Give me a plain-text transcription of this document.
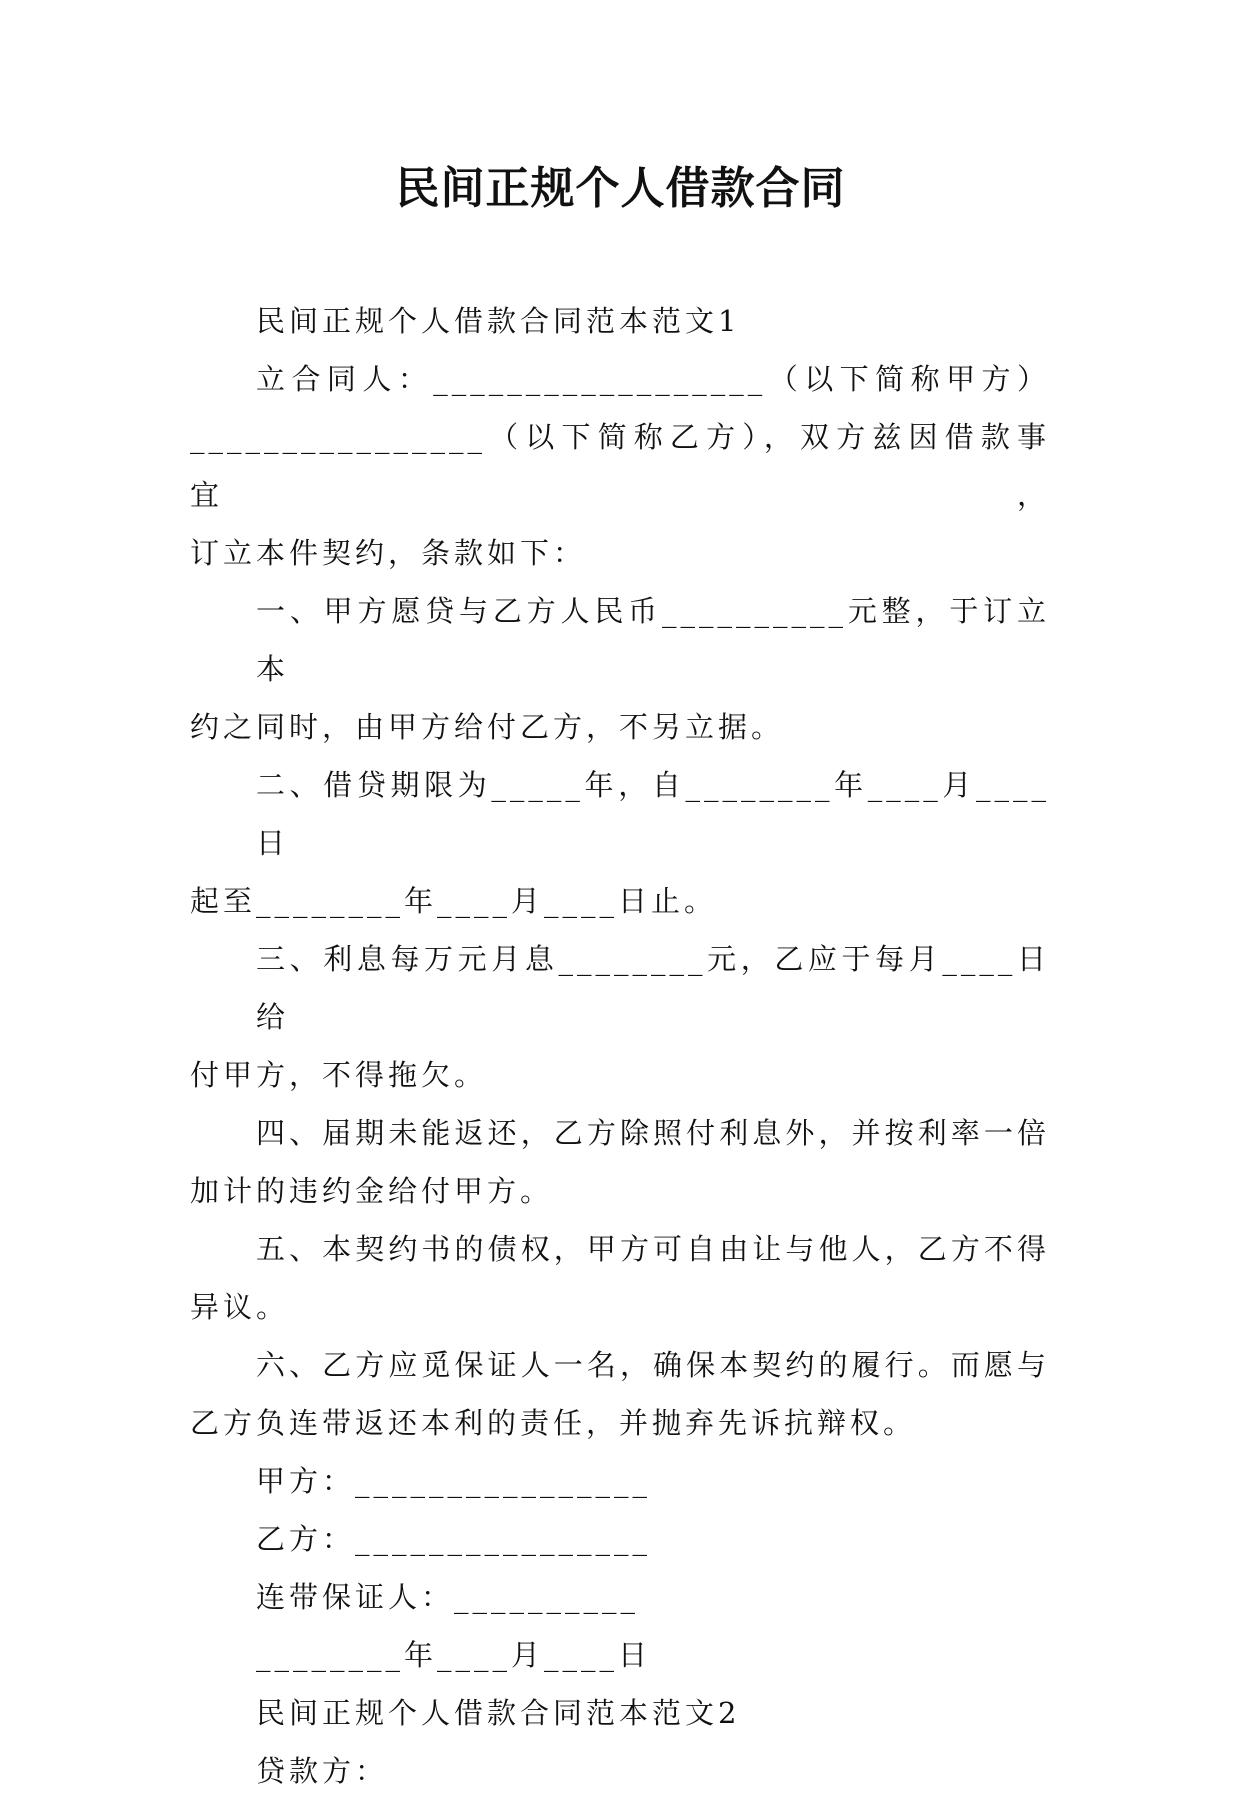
民间正规个人借款合同

民间正规个人借款合同范本范文1

立合同人：__________________（以下简称甲方）

________________（以下简称乙方），双方兹因借款事宜，

订立本件契约，条款如下：

一、甲方愿贷与乙方人民币__________元整，于订立本

约之同时，由甲方给付乙方，不另立据。

二、借贷期限为_____年，自________年____月____日

起至________年____月____日止。

三、利息每万元月息________元，乙应于每月____日给

付甲方，不得拖欠。

四、届期未能返还，乙方除照付利息外，并按利率一倍

加计的违约金给付甲方。

五、本契约书的债权，甲方可自由让与他人，乙方不得

异议。

六、乙方应觅保证人一名，确保本契约的履行。而愿与

乙方负连带返还本利的责任，并抛弃先诉抗辩权。

甲方：________________

乙方：________________

连带保证人：__________

________年____月____日

民间正规个人借款合同范本范文2

贷款方：
